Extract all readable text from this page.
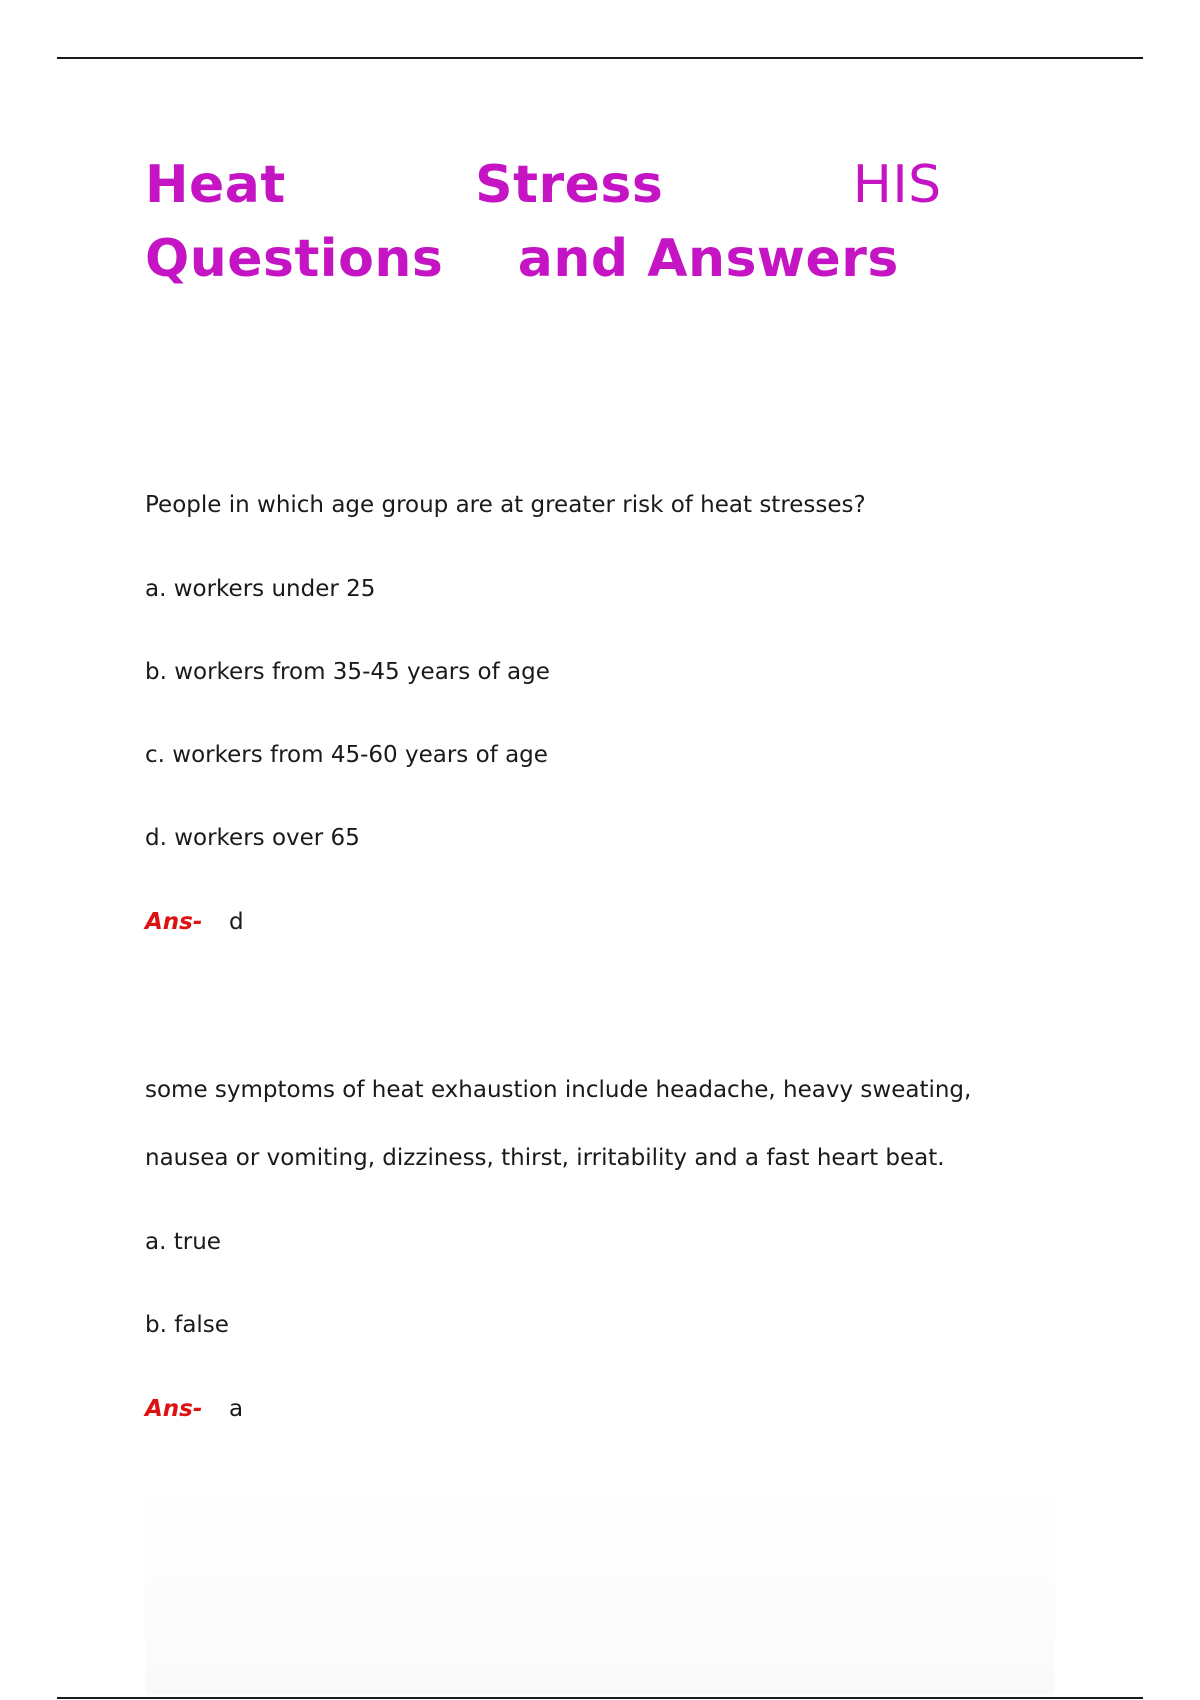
Heat	Stress	HIS    Questions and Answers

People in which age group are at greater risk of heat stresses?

a. workers under 25

b. workers from 35-45 years of age

c. workers from 45-60 years of age

d. workers over 65

Ans- d

some symptoms of heat exhaustion include headache, heavy sweating, nausea or vomiting, dizziness, thirst, irritability and a fast heart beat.

a. true

b. false

Ans- a
